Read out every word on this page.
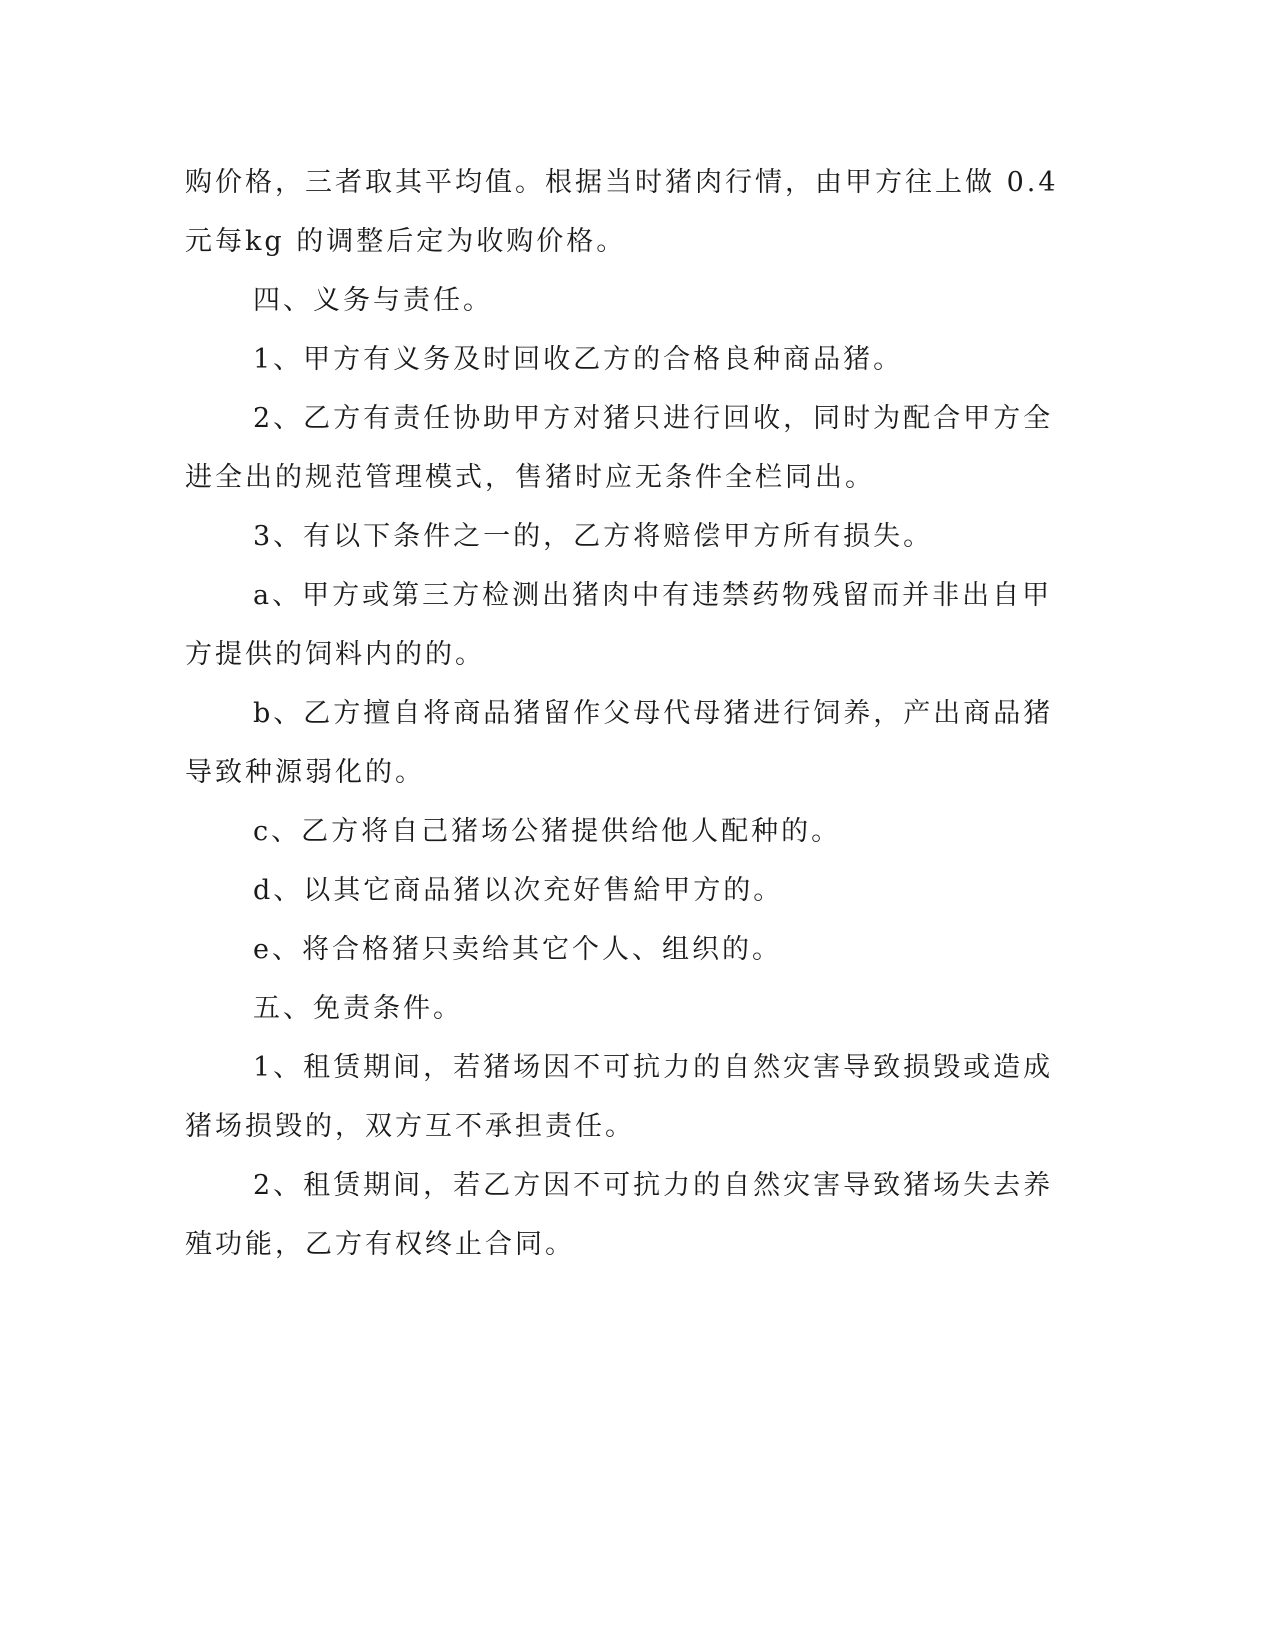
购价格，三者取其平均值。根据当时猪肉行情，由甲方往上做 0.4 元每kg 的调整后定为收购价格。

四、义务与责任。

1、甲方有义务及时回收乙方的合格良种商品猪。

2、乙方有责任协助甲方对猪只进行回收，同时为配合甲方全进全出的规范管理模式，售猪时应无条件全栏同出。

3、有以下条件之一的，乙方将赔偿甲方所有损失。

a、甲方或第三方检测出猪肉中有违禁药物残留而并非出自甲方提供的饲料内的的。

b、乙方擅自将商品猪留作父母代母猪进行饲养，产出商品猪导致种源弱化的。

c、乙方将自己猪场公猪提供给他人配种的。

d、以其它商品猪以次充好售給甲方的。

e、将合格猪只卖给其它个人、组织的。

五、免责条件。

1、租赁期间，若猪场因不可抗力的自然灾害导致损毁或造成猪场损毁的，双方互不承担责任。

2、租赁期间，若乙方因不可抗力的自然灾害导致猪场失去养殖功能，乙方有权终止合同。
